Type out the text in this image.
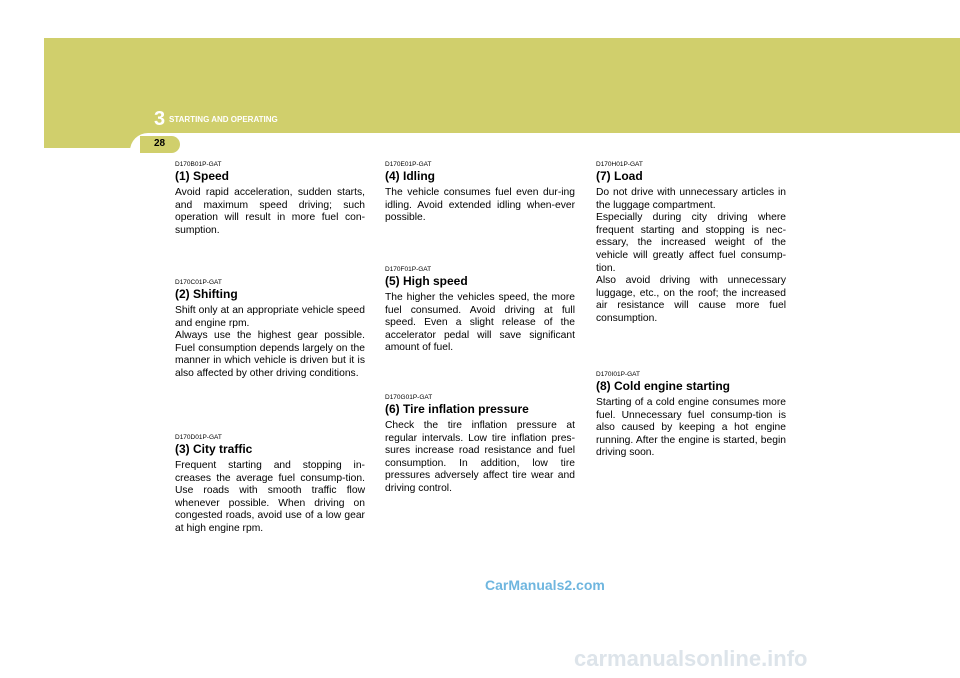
3 STARTING AND OPERATING
28

D170B01P-GAT

(1) Speed

Avoid rapid acceleration, sudden starts, and maximum speed driving; such operation will result in more fuel con-sumption.

D170C01P-GAT

(2) Shifting

Shift only at an appropriate vehicle speed and engine rpm.
Always use the highest gear possible. Fuel consumption depends largely on the manner in which vehicle is driven but it is also affected by other driving conditions.

D170D01P-GAT

(3) City traffic

Frequent starting and stopping in-creases the average fuel consump-tion. Use roads with smooth traffic flow whenever possible. When driving on congested roads, avoid use of a low gear at high engine rpm.

D170E01P-GAT

(4) Idling

The vehicle consumes fuel even dur-ing idling. Avoid extended idling when-ever possible.

D170F01P-GAT

(5) High speed

The higher the vehicles speed, the more fuel consumed. Avoid driving at full speed. Even a slight release of the accelerator pedal will save significant amount of fuel.

D170G01P-GAT

(6) Tire inflation pressure

Check the tire inflation pressure at regular intervals. Low tire inflation pres-sures increase road resistance and fuel consumption. In addition, low tire pressures adversely affect tire wear and driving control.

D170H01P-GAT

(7) Load

Do not drive with unnecessary articles in the luggage compartment.
Especially during city driving where frequent starting and stopping is nec-essary, the increased weight of the vehicle will greatly affect fuel consump-tion.
Also avoid driving with unnecessary luggage, etc., on the roof; the increased air resistance will cause more fuel consumption.

D170I01P-GAT

(8) Cold engine starting

Starting of a cold engine consumes more fuel. Unnecessary fuel consump-tion is also caused by keeping a hot engine running. After the engine is started, begin driving soon.

CarManuals2.com
carmanualsonline.info
